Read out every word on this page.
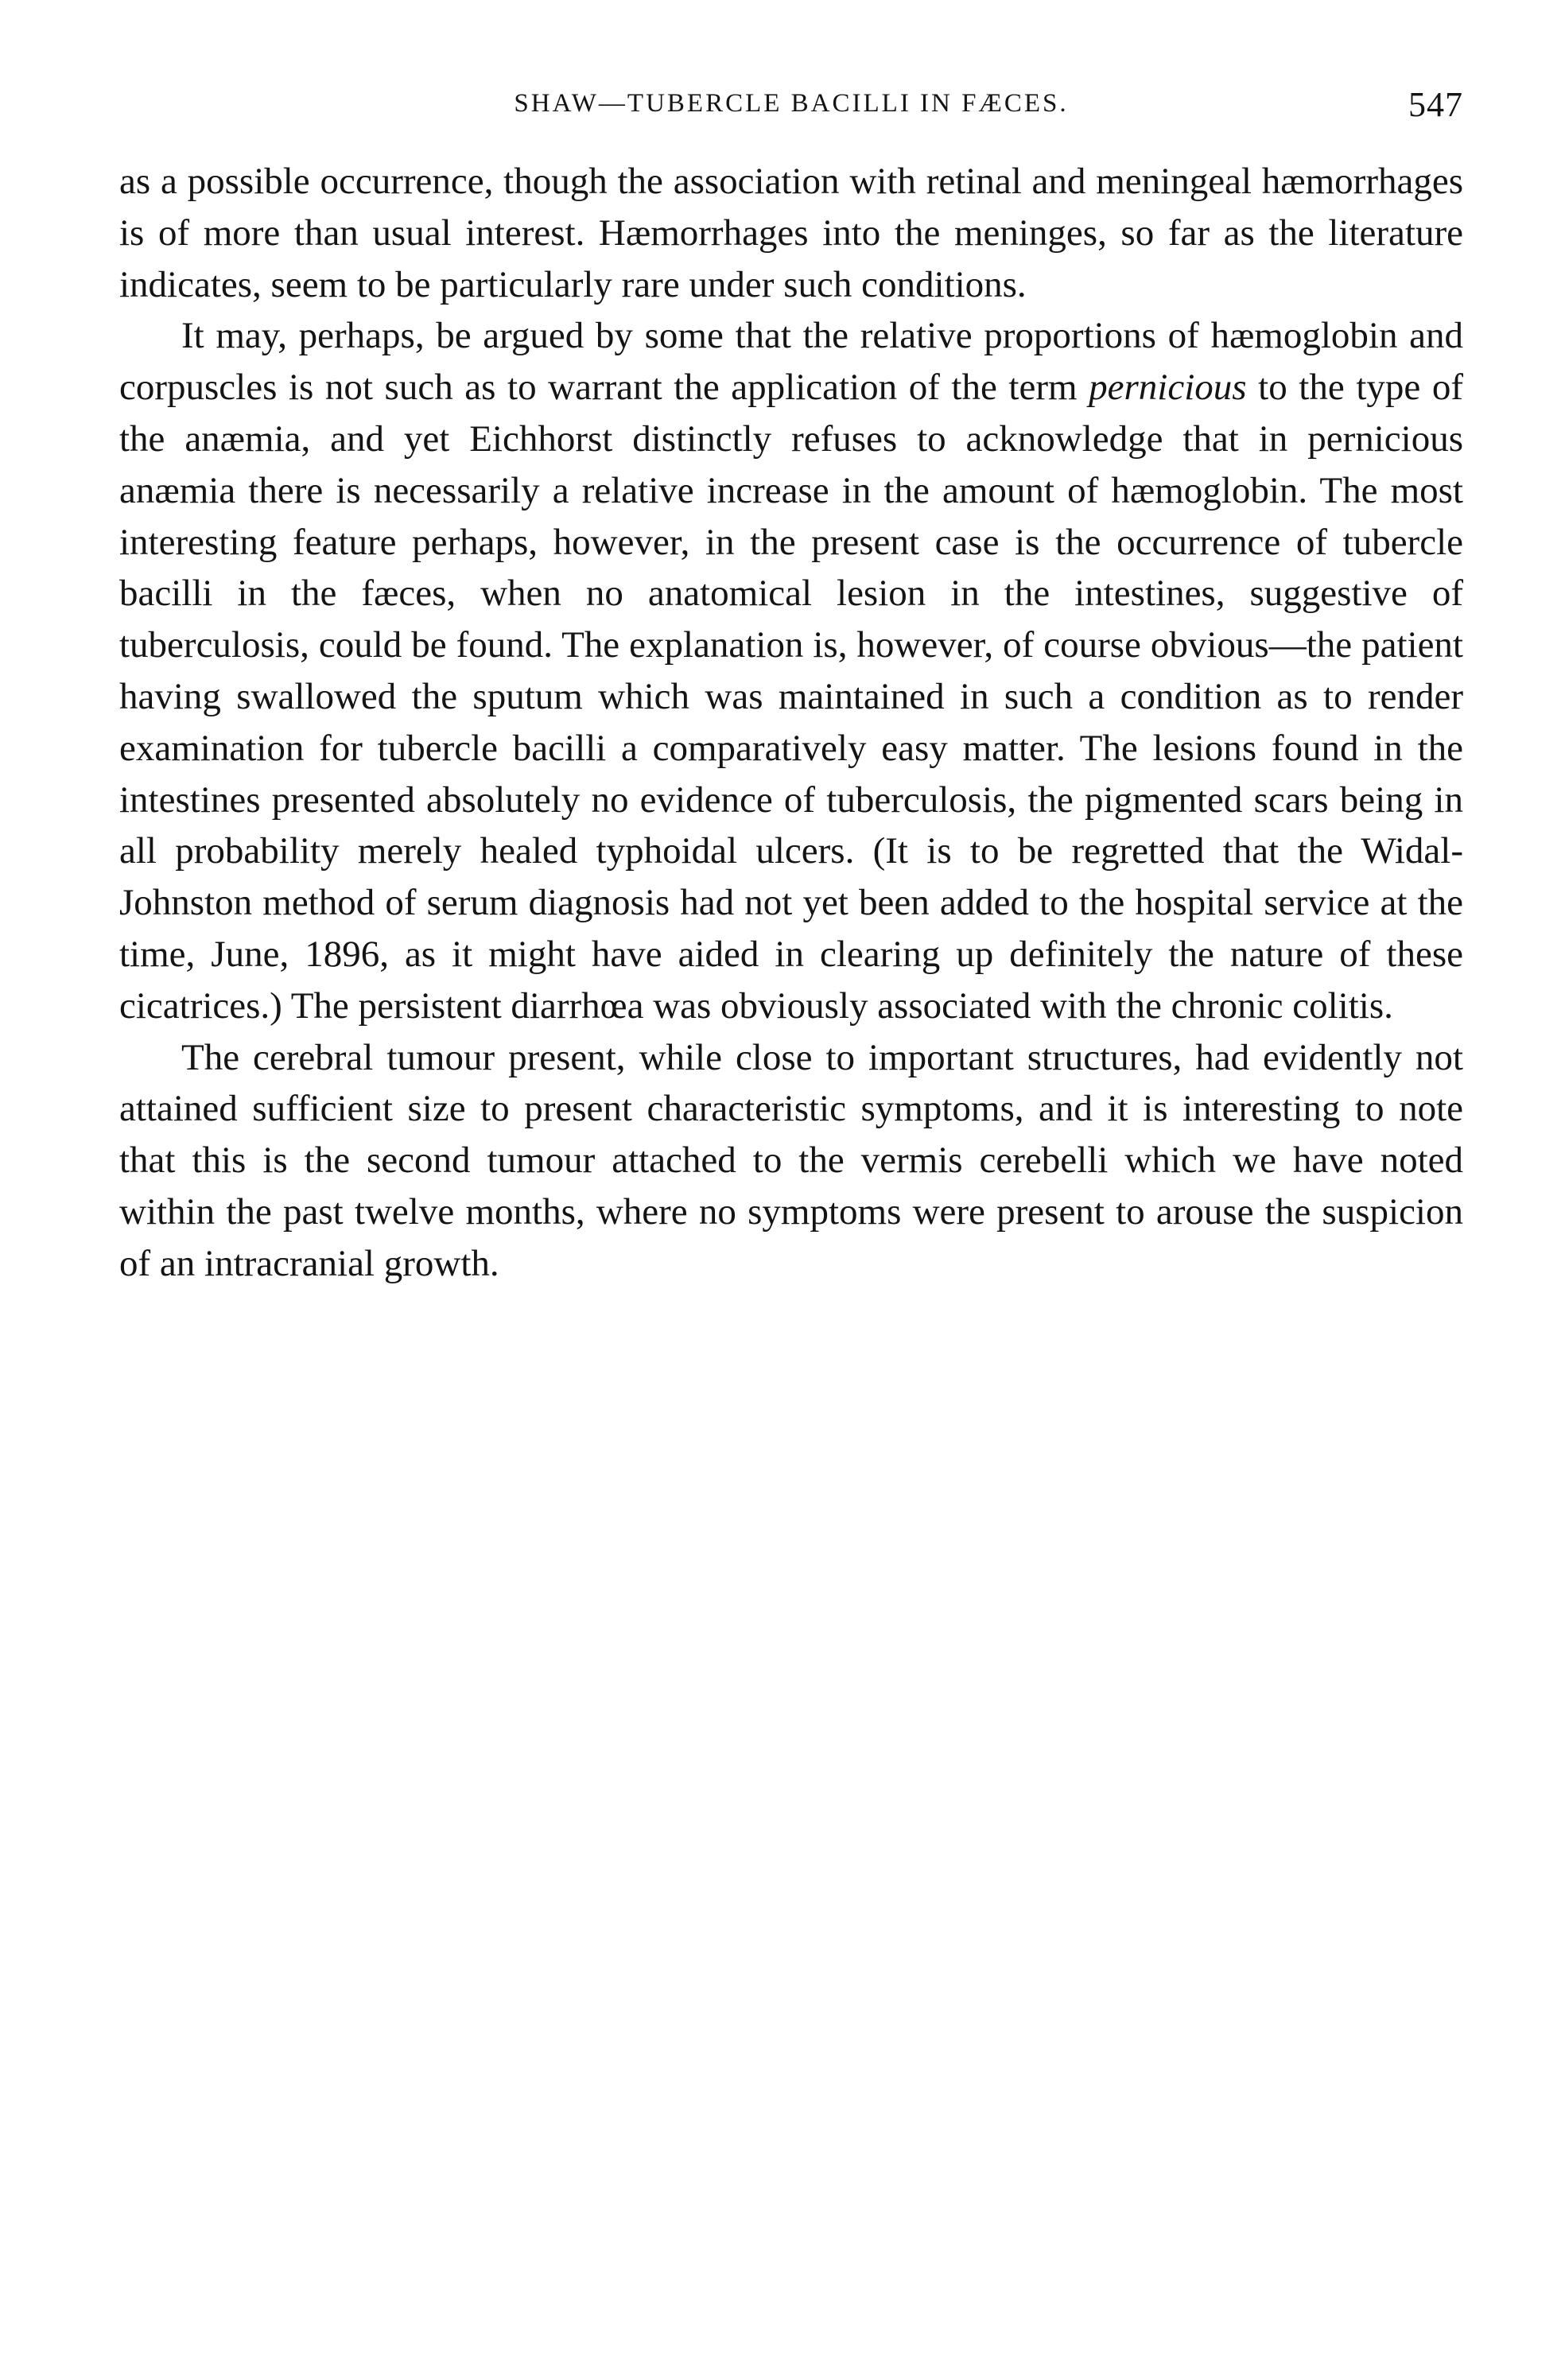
SHAW—TUBERCLE BACILLI IN FÆCES.	547

as a possible occurrence, though the association with retinal and meningeal hæmorrhages is of more than usual interest. Hæmorrhages into the meninges, so far as the literature indicates, seem to be particularly rare under such conditions.

It may, perhaps, be argued by some that the relative proportions of hæmoglobin and corpuscles is not such as to warrant the application of the term pernicious to the type of the anæmia, and yet Eichhorst distinctly refuses to acknowledge that in pernicious anæmia there is necessarily a relative increase in the amount of hæmoglobin. The most interesting feature perhaps, however, in the present case is the occurrence of tubercle bacilli in the fæces, when no anatomical lesion in the intestines, suggestive of tuberculosis, could be found. The explanation is, however, of course obvious—the patient having swallowed the sputum which was maintained in such a condition as to render examination for tubercle bacilli a comparatively easy matter. The lesions found in the intestines presented absolutely no evidence of tuberculosis, the pigmented scars being in all probability merely healed typhoidal ulcers. (It is to be regretted that the Widal-Johnston method of serum diagnosis had not yet been added to the hospital service at the time, June, 1896, as it might have aided in clearing up definitely the nature of these cicatrices.) The persistent diarrhœa was obviously associated with the chronic colitis.

The cerebral tumour present, while close to important structures, had evidently not attained sufficient size to present characteristic symptoms, and it is interesting to note that this is the second tumour attached to the vermis cerebelli which we have noted within the past twelve months, where no symptoms were present to arouse the suspicion of an intracranial growth.
